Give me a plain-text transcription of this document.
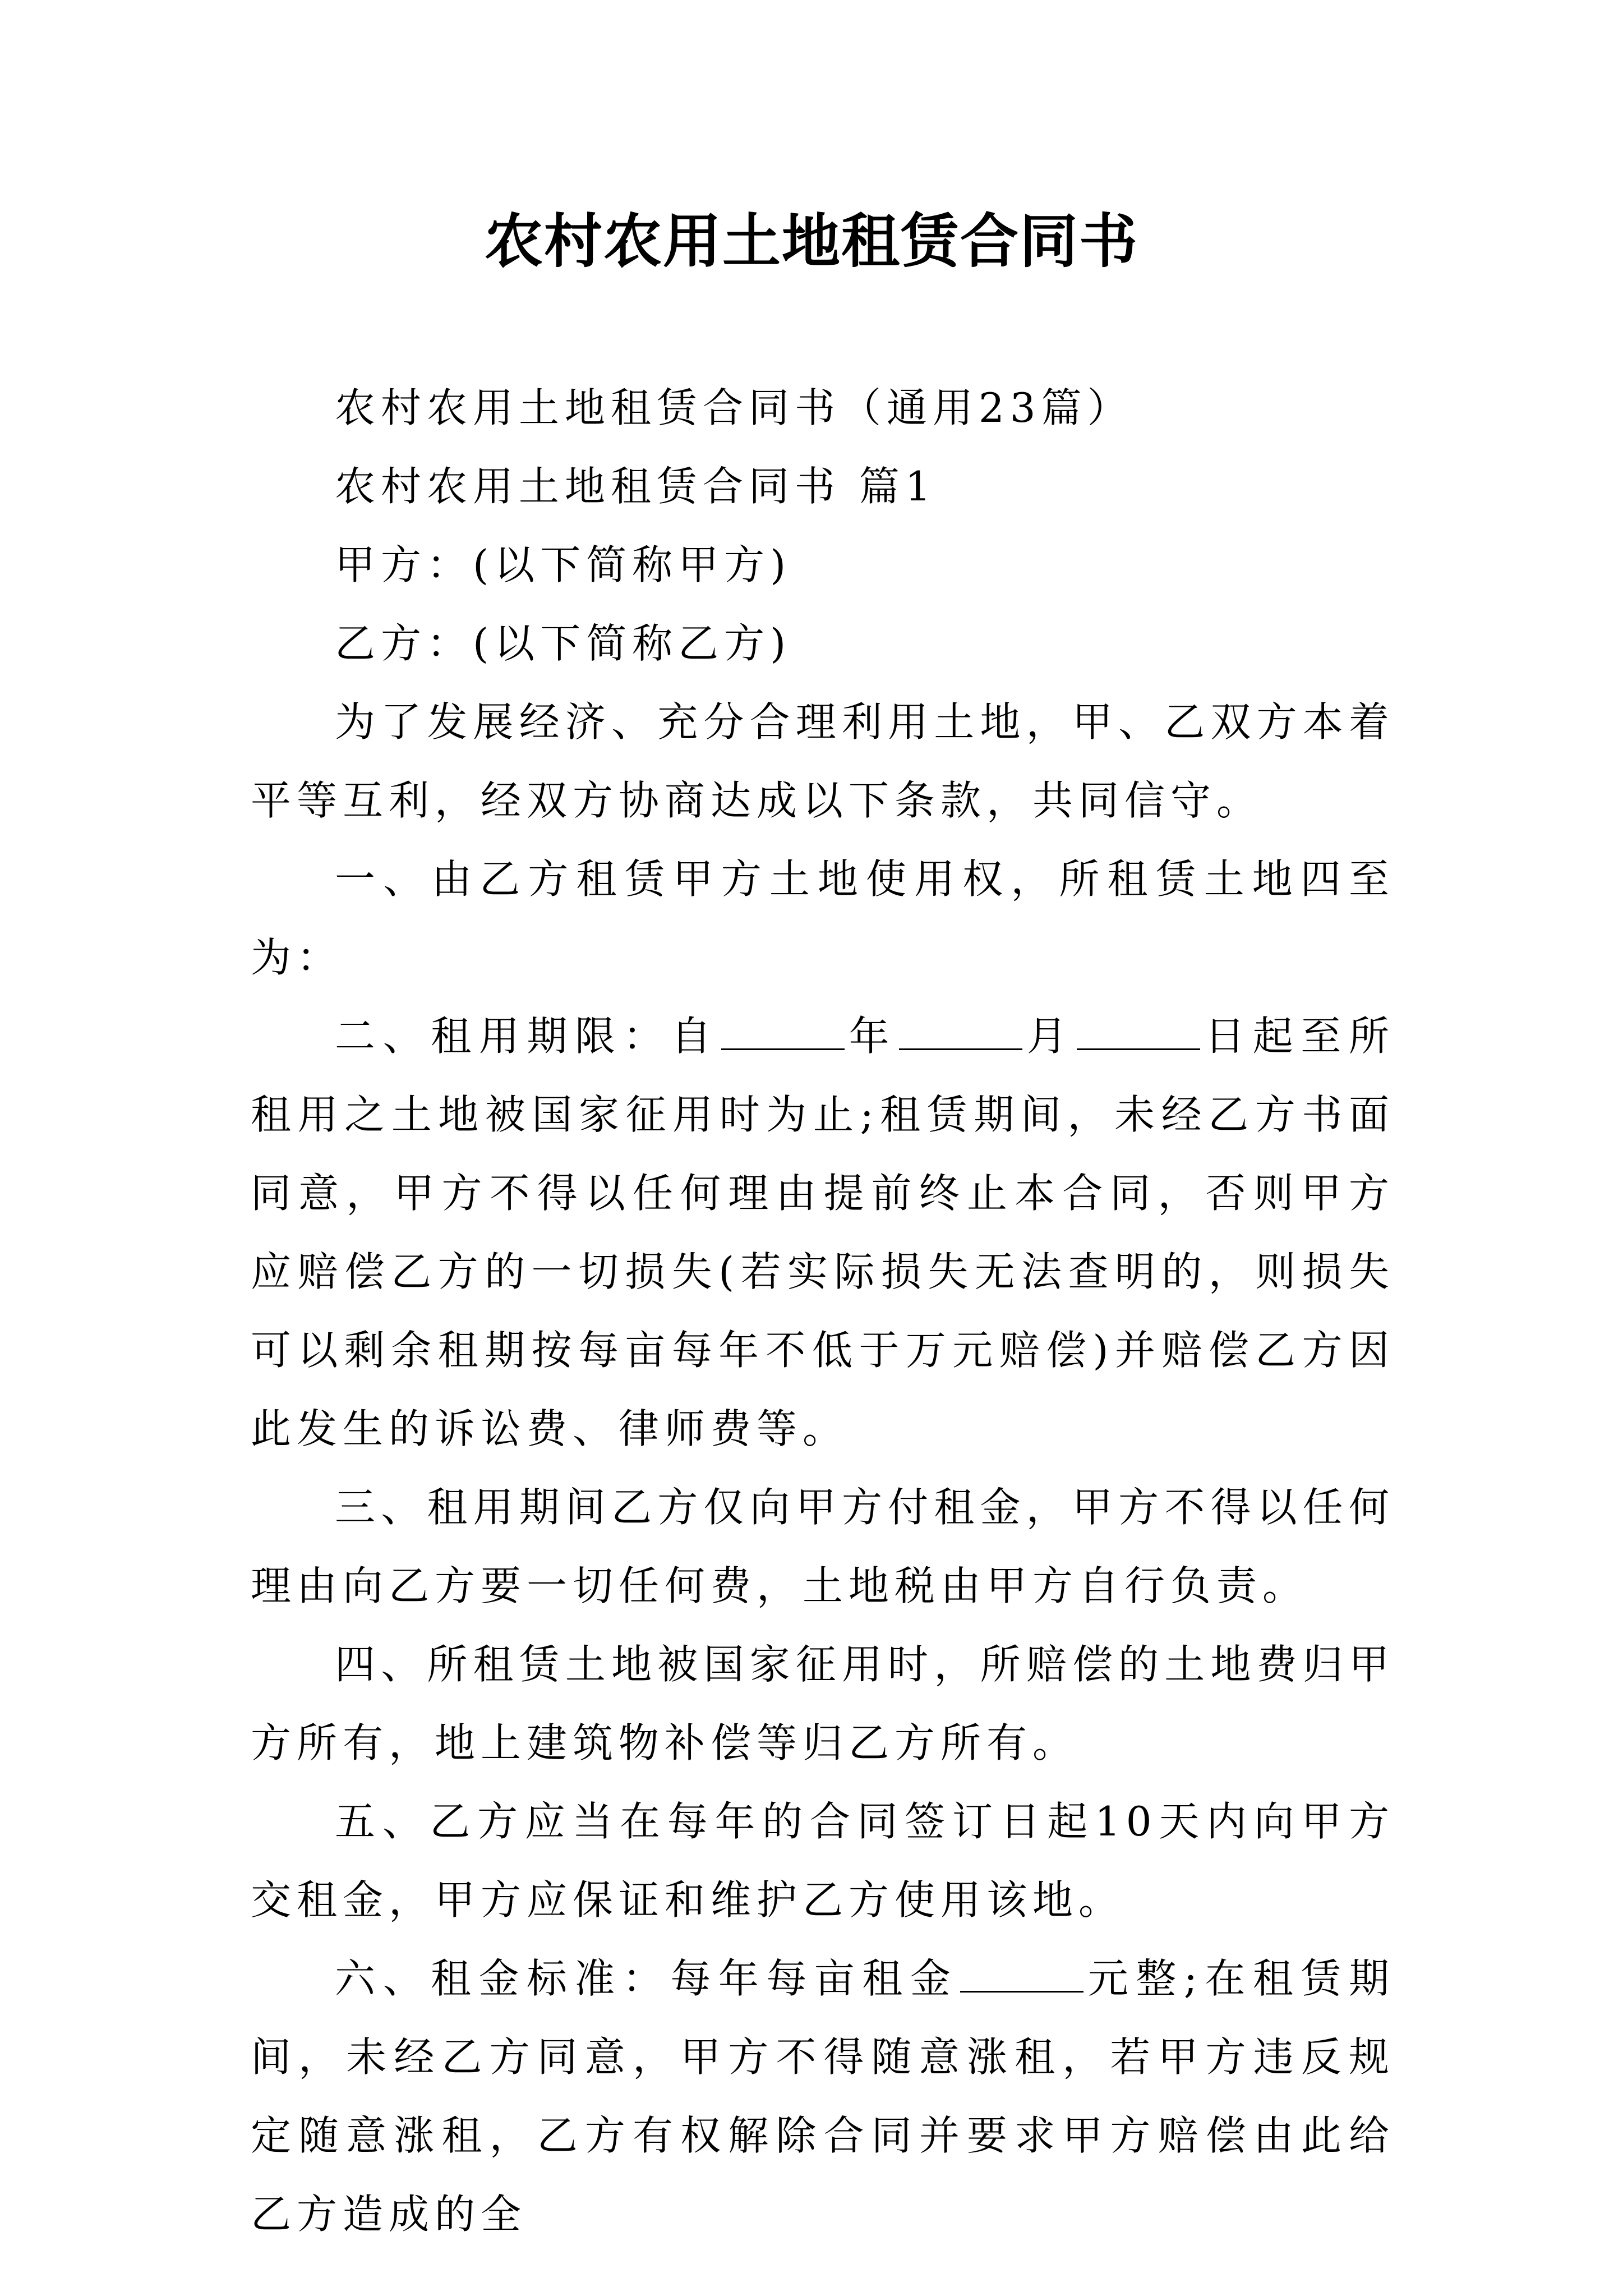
农村农用土地租赁合同书

农村农用土地租赁合同书（通用23篇）

农村农用土地租赁合同书 篇1

甲方：(以下简称甲方)

乙方：(以下简称乙方)

为了发展经济、充分合理利用土地，甲、乙双方本着平等互利，经双方协商达成以下条款，共同信守。

一、由乙方租赁甲方土地使用权，所租赁土地四至为：

二、租用期限：自	年	月	日起至所租用之土地被国家征用时为止;租赁期间，未经乙方书面同意，甲方不得以任何理由提前终止本合同，否则甲方应赔偿乙方的一切损失(若实际损失无法查明的，则损失可以剩余租期按每亩每年不低于万元赔偿)并赔偿乙方因此发生的诉讼费、律师费等。

三、租用期间乙方仅向甲方付租金，甲方不得以任何理由向乙方要一切任何费，土地税由甲方自行负责。

四、所租赁土地被国家征用时，所赔偿的土地费归甲方所有，地上建筑物补偿等归乙方所有。

五、乙方应当在每年的合同签订日起10天内向甲方交租金，甲方应保证和维护乙方使用该地。

六、租金标准：每年每亩租金	元整;在租赁期间，未经乙方同意，甲方不得随意涨租，若甲方违反规定随意涨租，乙方有权解除合同并要求甲方赔偿由此给乙方造成的全
